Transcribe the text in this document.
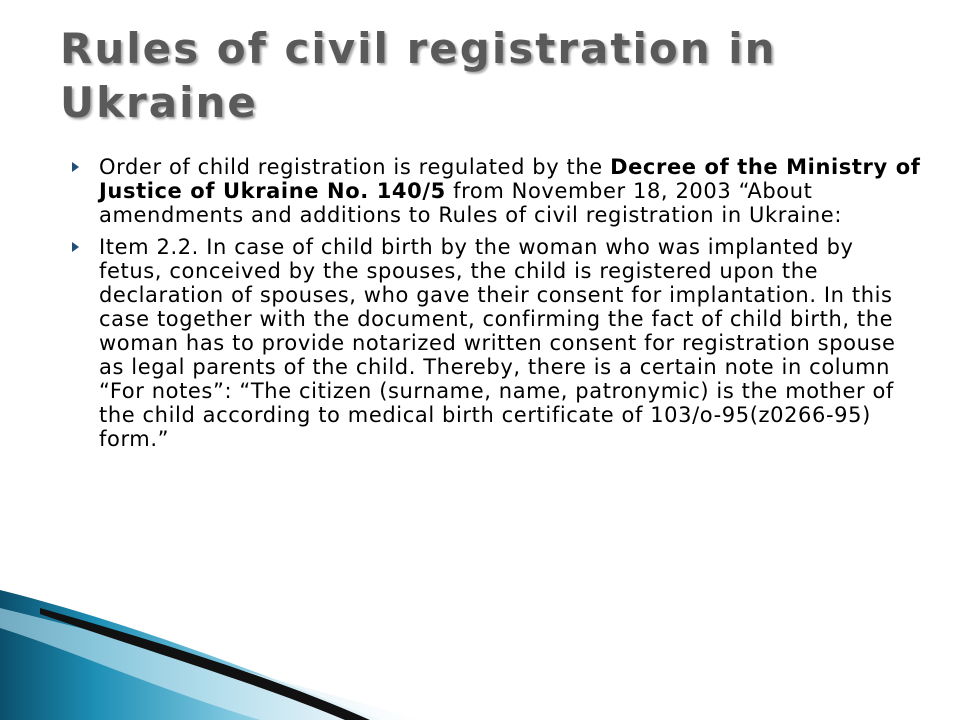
Rules of civil registration in Ukraine
Order of child registration is regulated by the Decree of the Ministry of Justice of Ukraine No. 140/5 from November 18, 2003 “About amendments and additions to Rules of civil registration in Ukraine:
Item 2.2. In case of child birth by the woman who was implanted by fetus, conceived by the spouses, the child is registered upon the declaration of spouses, who gave their consent for implantation. In this case together with the document, confirming the fact of child birth, the woman has to provide notarized written consent for registration spouse as legal parents of the child. Thereby, there is a certain note in column “For notes”: “The citizen (surname, name, patronymic) is the mother of the child according to medical birth certificate of 103/o-95(z0266-95) form.”
